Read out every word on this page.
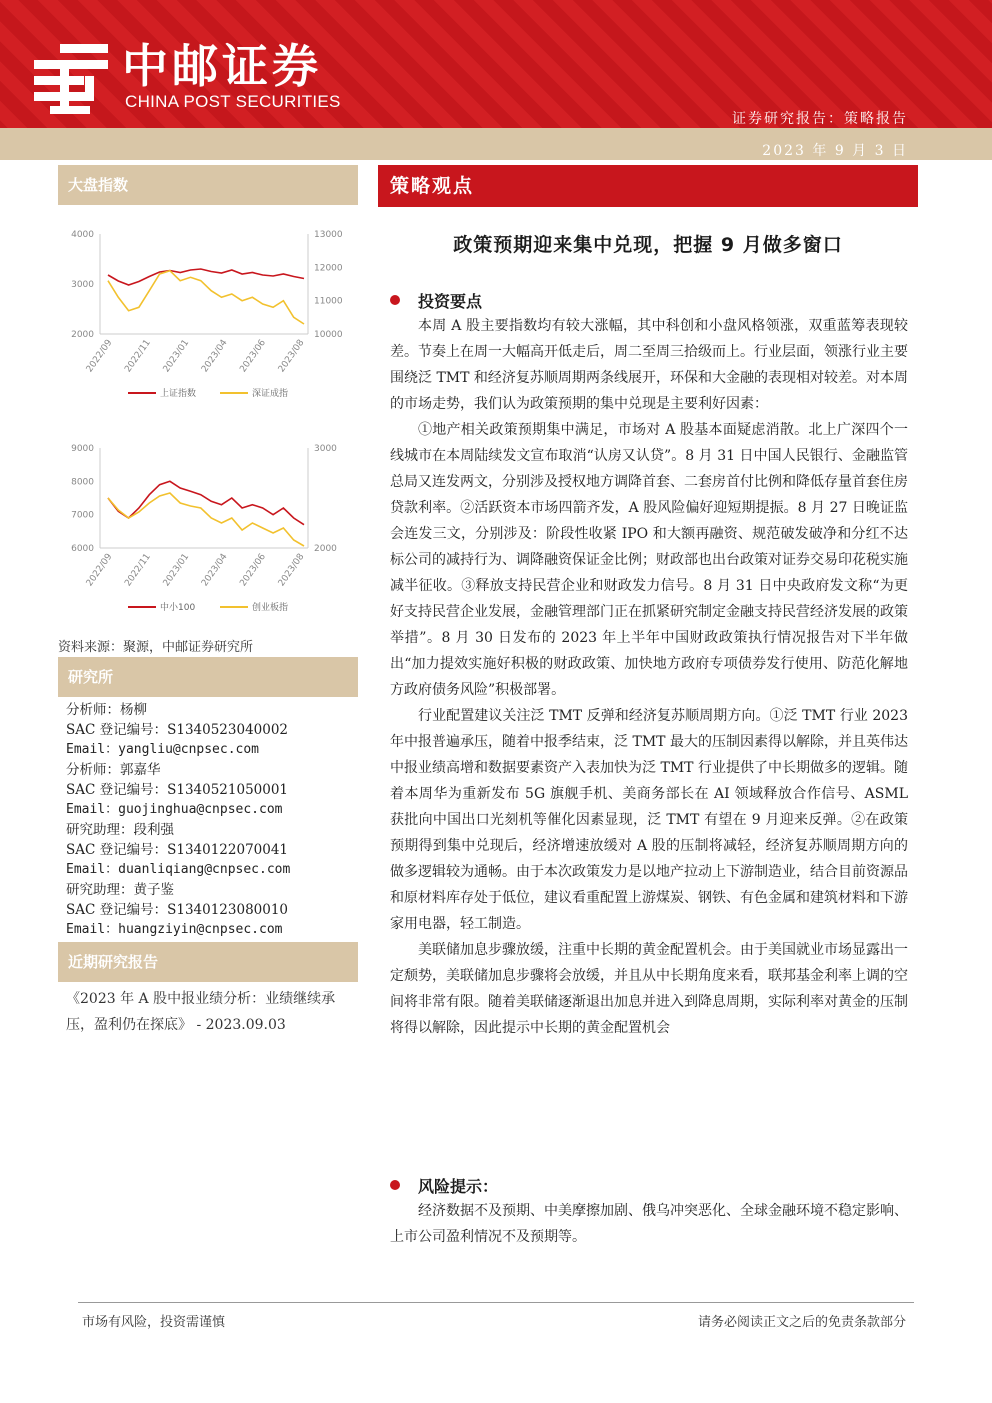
中邮证券
CHINA POST SECURITIES
证券研究报告：策略报告
2023 年 9 月 3 日
大盘指数
4000
3000
2000
13000
12000
11000
10000
2022/09 2022/11 2023/01 2023/04 2023/06 2023/08
上证指数	深证成指
9000
8000
7000
6000
3000
2000
2022/09 2022/11 2023/01 2023/04 2023/06 2023/08
中小100	创业板指
资料来源：聚源，中邮证券研究所
研究所
分析师：杨柳
SAC 登记编号：S1340523040002
Email：yangliu@cnpsec.com
分析师：郭嘉华
SAC 登记编号：S1340521050001
Email：guojinghua@cnpsec.com
研究助理：段利强
SAC 登记编号：S1340122070041
Email：duanliqiang@cnpsec.com
研究助理：黄子鉴
SAC 登记编号：S1340123080010
Email：huangziyin@cnpsec.com
近期研究报告
《2023 年 A 股中报业绩分析：业绩继续承压，盈利仍在探底》 - 2023.09.03
策略观点
政策预期迎来集中兑现，把握 9 月做多窗口
投资要点

本周 A 股主要指数均有较大涨幅，其中科创和小盘风格领涨，双重蓝筹表现较差。节奏上在周一大幅高开低走后，周二至周三拾级而上。行业层面，领涨行业主要围绕泛 TMT 和经济复苏顺周期两条线展开，环保和大金融的表现相对较差。对本周的市场走势，我们认为政策预期的集中兑现是主要利好因素：

①地产相关政策预期集中满足，市场对 A 股基本面疑虑消散。北上广深四个一线城市在本周陆续发文宣布取消“认房又认贷”。8 月 31 日中国人民银行、金融监管总局又连发两文，分别涉及授权地方调降首套、二套房首付比例和降低存量首套住房贷款利率。②活跃资本市场四箭齐发，A 股风险偏好迎短期提振。8 月 27 日晚证监会连发三文，分别涉及：阶段性收紧 IPO 和大额再融资、规范破发破净和分红不达标公司的减持行为、调降融资保证金比例；财政部也出台政策对证券交易印花税实施减半征收。③释放支持民营企业和财政发力信号。8 月 31 日中央政府发文称“为更好支持民营企业发展，金融管理部门正在抓紧研究制定金融支持民营经济发展的政策举措”。8 月 30 日发布的 2023 年上半年中国财政政策执行情况报告对下半年做出“加力提效实施好积极的财政政策、加快地方政府专项债券发行使用、防范化解地方政府债务风险”积极部署。

行业配置建议关注泛 TMT 反弹和经济复苏顺周期方向。①泛 TMT 行业 2023 年中报普遍承压，随着中报季结束，泛 TMT 最大的压制因素得以解除，并且英伟达中报业绩高增和数据要素资产入表加快为泛 TMT 行业提供了中长期做多的逻辑。随着本周华为重新发布 5G 旗舰手机、美商务部长在 AI 领域释放合作信号、ASML 获批向中国出口光刻机等催化因素显现，泛 TMT 有望在 9 月迎来反弹。②在政策预期得到集中兑现后，经济增速放缓对 A 股的压制将减轻，经济复苏顺周期方向的做多逻辑较为通畅。由于本次政策发力是以地产拉动上下游制造业，结合目前资源品和原材料库存处于低位，建议看重配置上游煤炭、钢铁、有色金属和建筑材料和下游家用电器，轻工制造。

美联储加息步骤放缓，注重中长期的黄金配置机会。由于美国就业市场显露出一定颓势，美联储加息步骤将会放缓，并且从中长期角度来看，联邦基金利率上调的空间将非常有限。随着美联储逐渐退出加息并进入到降息周期，实际利率对黄金的压制将得以解除，因此提示中长期的黄金配置机会

风险提示：

经济数据不及预期、中美摩擦加剧、俄乌冲突恶化、全球金融环境不稳定影响、上市公司盈利情况不及预期等。

市场有风险，投资需谨慎	请务必阅读正文之后的免责条款部分
